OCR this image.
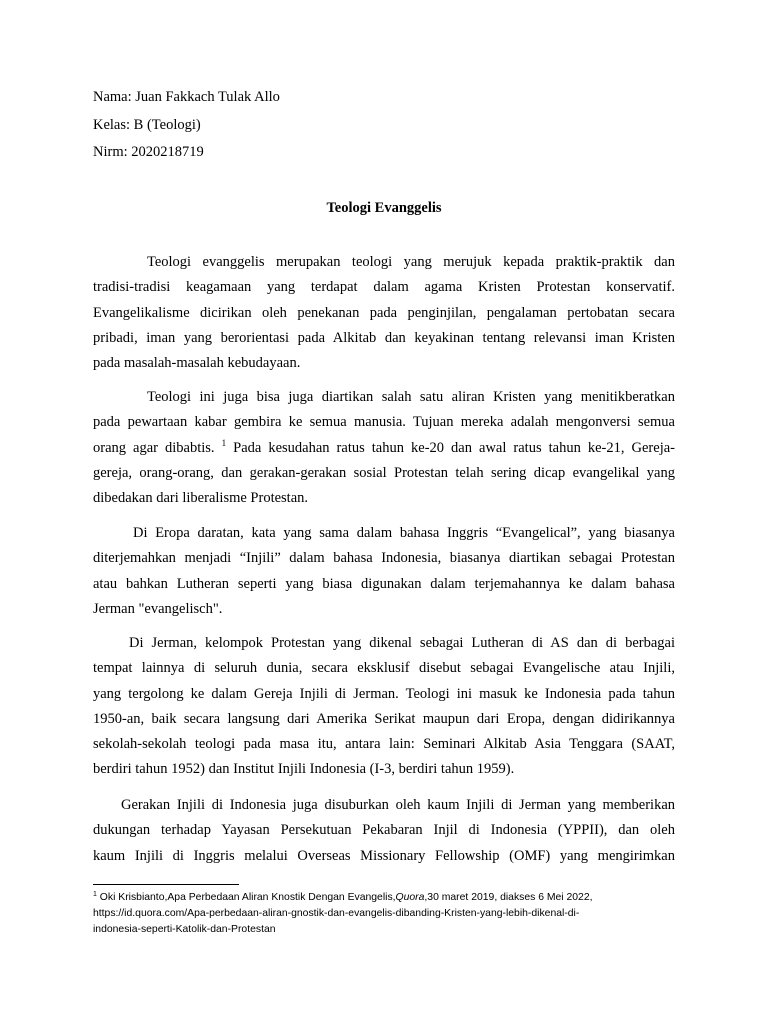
Nama: Juan Fakkach Tulak Allo
Kelas: B (Teologi)
Nirm: 2020218719
Teologi Evanggelis

Teologi evanggelis merupakan teologi yang merujuk kepada praktik-praktik dan
tradisi-tradisi keagamaan yang terdapat dalam agama Kristen Protestan konservatif.
Evangelikalisme dicirikan oleh penekanan pada penginjilan, pengalaman pertobatan secara
pribadi, iman yang berorientasi pada Alkitab dan keyakinan tentang relevansi iman Kristen
pada masalah-masalah kebudayaan.

Teologi ini juga bisa juga diartikan salah satu aliran Kristen yang menitikberatkan
pada pewartaan kabar gembira ke semua manusia. Tujuan mereka adalah mengonversi semua
orang agar dibabtis. $^1$ Pada kesudahan ratus tahun ke-20 dan awal ratus tahun ke-21, Gereja-
gereja, orang-orang, dan gerakan-gerakan sosial Protestan telah sering dicap evangelikal yang
dibedakan dari liberalisme Protestan.

Di Eropa daratan, kata yang sama dalam bahasa Inggris “Evangelical”, yang biasanya
diterjemahkan menjadi “Injili” dalam bahasa Indonesia, biasanya diartikan sebagai Protestan
atau bahkan Lutheran seperti yang biasa digunakan dalam terjemahannya ke dalam bahasa
Jerman "evangelisch".

Di Jerman, kelompok Protestan yang dikenal sebagai Lutheran di AS dan di berbagai
tempat lainnya di seluruh dunia, secara eksklusif disebut sebagai Evangelische atau Injili,
yang tergolong ke dalam Gereja Injili di Jerman. Teologi ini masuk ke Indonesia pada tahun
1950-an, baik secara langsung dari Amerika Serikat maupun dari Eropa, dengan didirikannya
sekolah-sekolah teologi pada masa itu, antara lain: Seminari Alkitab Asia Tenggara (SAAT,
berdiri tahun 1952) dan Institut Injili Indonesia (I-3, berdiri tahun 1959).

Gerakan Injili di Indonesia juga disuburkan oleh kaum Injili di Jerman yang memberikan
dukungan terhadap Yayasan Persekutuan Pekabaran Injil di Indonesia (YPPII), dan oleh
kaum Injili di Inggris melalui Overseas Missionary Fellowship (OMF) yang mengirimkan

$^1$ Oki Krisbianto,Apa Perbedaan Aliran Knostik Dengan Evangelis,Quora,30 maret 2019, diakses 6 Mei 2022,
https://id.quora.com/Apa-perbedaan-aliran-gnostik-dan-evangelis-dibanding-Kristen-yang-lebih-dikenal-di-
indonesia-seperti-Katolik-dan-Protestan
